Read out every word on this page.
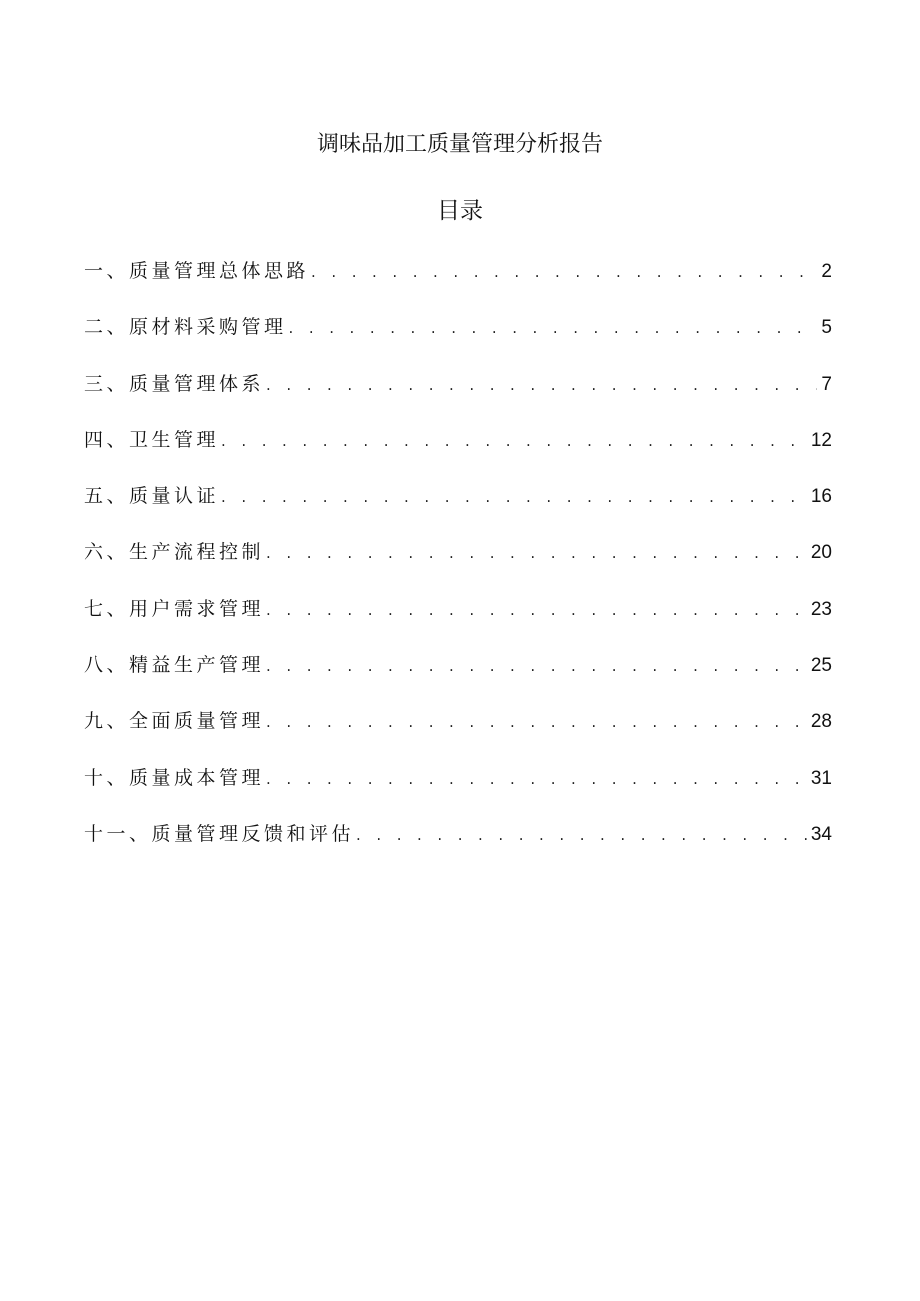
调味品加工质量管理分析报告
目录
一、质量管理总体思路 . . .	2
二、原材料采购管理 . . .	5
三、质量管理体系 . . .	7
四、卫生管理 . . .	12
五、质量认证 . . .	16
六、生产流程控制 . . .	20
七、用户需求管理 . . .	23
八、精益生产管理 . . .	25
九、全面质量管理 . . .	28
十、质量成本管理 . . .	31
十一、质量管理反馈和评估 . . .	34
